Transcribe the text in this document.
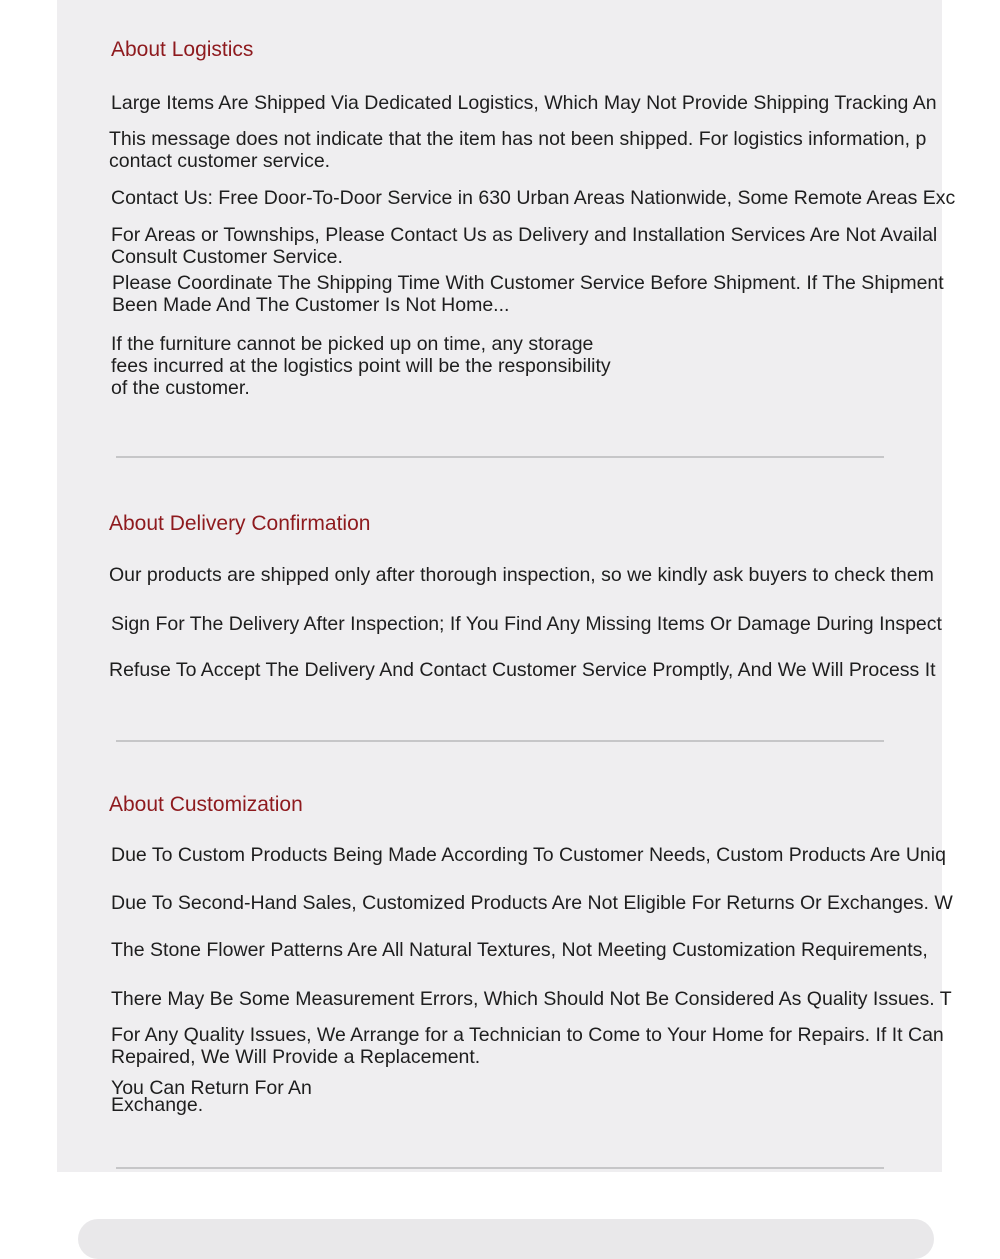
About Logistics

Large Items Are Shipped Via Dedicated Logistics, Which May Not Provide Shipping Tracking An

This message does not indicate that the item has not been shipped. For logistics information, p
contact customer service.

Contact Us: Free Door-To-Door Service in 630 Urban Areas Nationwide, Some Remote Areas Exc

For Areas or Townships, Please Contact Us as Delivery and Installation Services Are Not Availal
Consult Customer Service.

Please Coordinate The Shipping Time With Customer Service Before Shipment. If The Shipment
Been Made And The Customer Is Not Home...

If the furniture cannot be picked up on time, any storage
fees incurred at the logistics point will be the responsibility
of the customer.

About Delivery Confirmation

Our products are shipped only after thorough inspection, so we kindly ask buyers to check them

Sign For The Delivery After Inspection; If You Find Any Missing Items Or Damage During Inspect

Refuse To Accept The Delivery And Contact Customer Service Promptly, And We Will Process It

About Customization

Due To Custom Products Being Made According To Customer Needs, Custom Products Are Uniq

Due To Second-Hand Sales, Customized Products Are Not Eligible For Returns Or Exchanges. W

The Stone Flower Patterns Are All Natural Textures, Not Meeting Customization Requirements,

There May Be Some Measurement Errors, Which Should Not Be Considered As Quality Issues. T

For Any Quality Issues, We Arrange for a Technician to Come to Your Home for Repairs. If It Can
Repaired, We Will Provide a Replacement.

You Can Return For An

Exchange.
